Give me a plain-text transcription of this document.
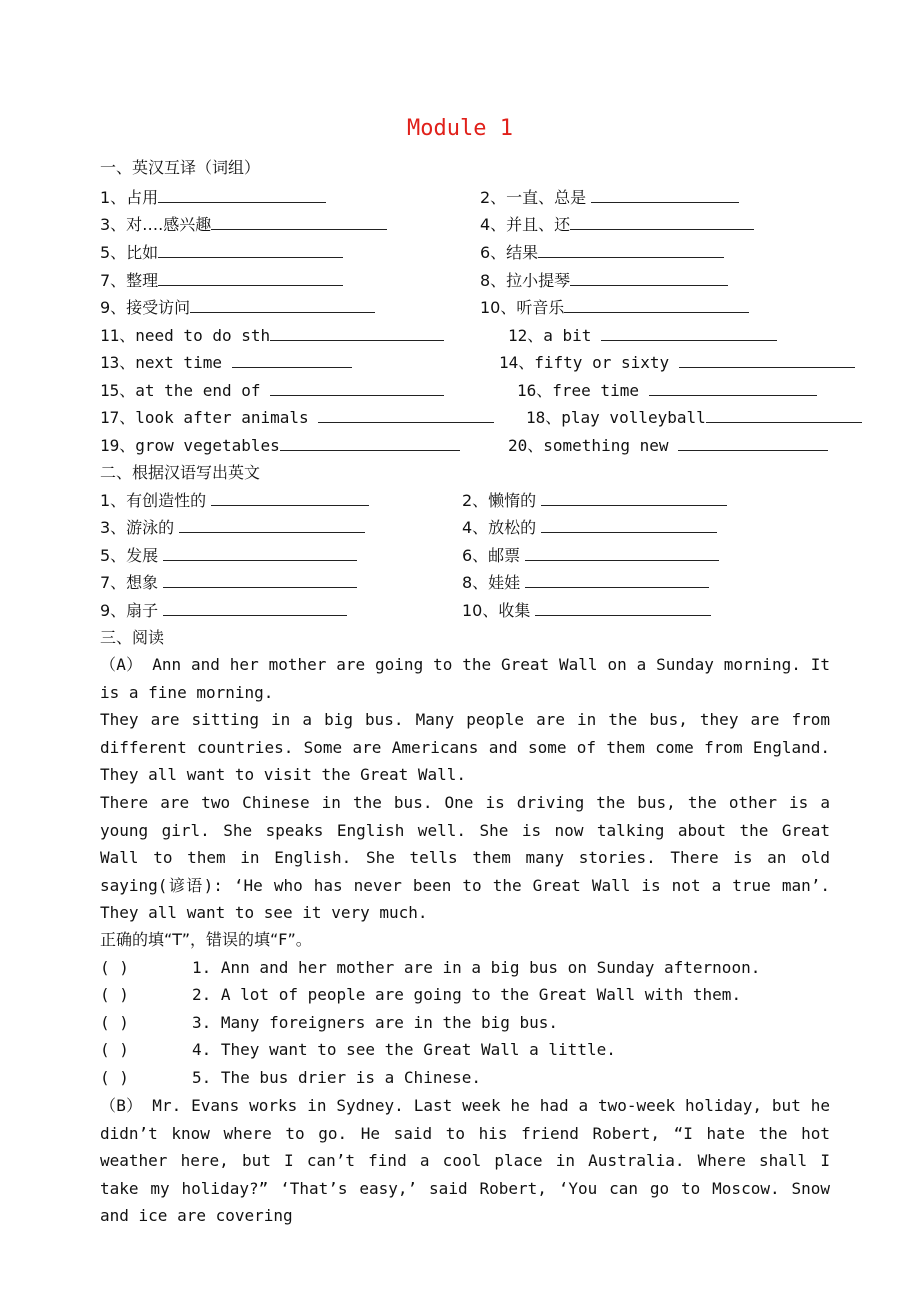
Module 1
一、英汉互译（词组）
1、占用	2、一直、总是
3、对….感兴趣	4、并且、还
5、比如	6、结果
7、整理	8、拉小提琴
9、接受访问	10、听音乐
11、need to do sth	12、a bit
13、next time	14、fifty or sixty
15、at the end of	16、free time
17、look after animals	18、play volleyball
19、grow vegetables	20、something new
二、根据汉语写出英文
1、有创造性的	2、懒惰的
3、游泳的	4、放松的
5、发展	6、邮票
7、想象	8、娃娃
9、扇子	10、收集
三、阅读
（A） Ann and her mother are going to the Great Wall on a Sunday morning. It is a fine morning.
They are sitting in a big bus. Many people are in the bus, they are from different countries. Some are Americans and some of them come from England. They all want to visit the Great Wall.
There are two Chinese in the bus. One is driving the bus, the other is a young girl. She speaks English well. She is now talking about the Great Wall to them in English. She tells them many stories. There is an old saying(谚语): ‘He who has never been to the Great Wall is not a true man’. They all want to see it very much.
正确的填“T”，错误的填“F”。
( )	1. Ann and her mother are in a big bus on Sunday afternoon.
( )	2. A lot of people are going to the Great Wall with them.
( )	3. Many foreigners are in the big bus.
( )	4. They want to see the Great Wall a little.
( )	5. The bus drier is a Chinese.
（B） Mr. Evans works in Sydney. Last week he had a two-week holiday, but he didn’t know where to go. He said to his friend Robert, “I hate the hot weather here, but I can’t find a cool place in Australia. Where shall I take my holiday?” ‘That’s easy,’ said Robert, ‘You can go to Moscow. Snow and ice are covering
